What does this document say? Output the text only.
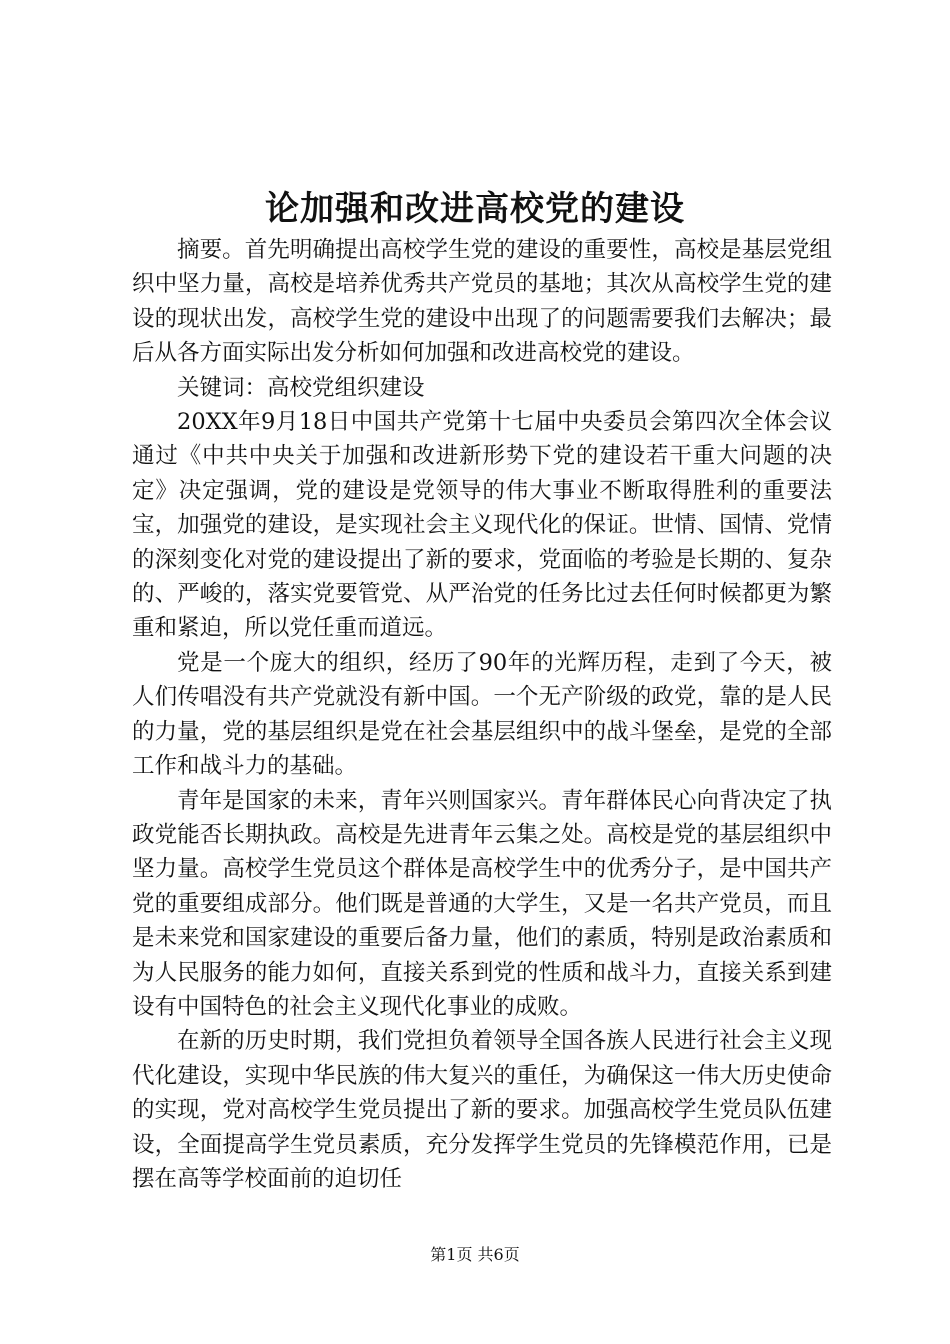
论加强和改进高校党的建设

摘要。首先明确提出高校学生党的建设的重要性，高校是基层党组织中坚力量，高校是培养优秀共产党员的基地；其次从高校学生党的建设的现状出发，高校学生党的建设中出现了的问题需要我们去解决；最后从各方面实际出发分析如何加强和改进高校党的建设。

关键词：高校党组织建设

20XX年9月18日中国共产党第十七届中央委员会第四次全体会议通过《中共中央关于加强和改进新形势下党的建设若干重大问题的决定》决定强调，党的建设是党领导的伟大事业不断取得胜利的重要法宝，加强党的建设，是实现社会主义现代化的保证。世情、国情、党情的深刻变化对党的建设提出了新的要求，党面临的考验是长期的、复杂的、严峻的，落实党要管党、从严治党的任务比过去任何时候都更为繁重和紧迫，所以党任重而道远。

党是一个庞大的组织，经历了90年的光辉历程，走到了今天，被人们传唱没有共产党就没有新中国。一个无产阶级的政党，靠的是人民的力量，党的基层组织是党在社会基层组织中的战斗堡垒，是党的全部工作和战斗力的基础。

青年是国家的未来，青年兴则国家兴。青年群体民心向背决定了执政党能否长期执政。高校是先进青年云集之处。高校是党的基层组织中坚力量。高校学生党员这个群体是高校学生中的优秀分子，是中国共产党的重要组成部分。他们既是普通的大学生，又是一名共产党员，而且是未来党和国家建设的重要后备力量，他们的素质，特别是政治素质和为人民服务的能力如何，直接关系到党的性质和战斗力，直接关系到建设有中国特色的社会主义现代化事业的成败。

在新的历史时期，我们党担负着领导全国各族人民进行社会主义现代化建设，实现中华民族的伟大复兴的重任，为确保这一伟大历史使命的实现，党对高校学生党员提出了新的要求。加强高校学生党员队伍建设，全面提高学生党员素质，充分发挥学生党员的先锋模范作用，已是摆在高等学校面前的迫切任

第1页 共6页
